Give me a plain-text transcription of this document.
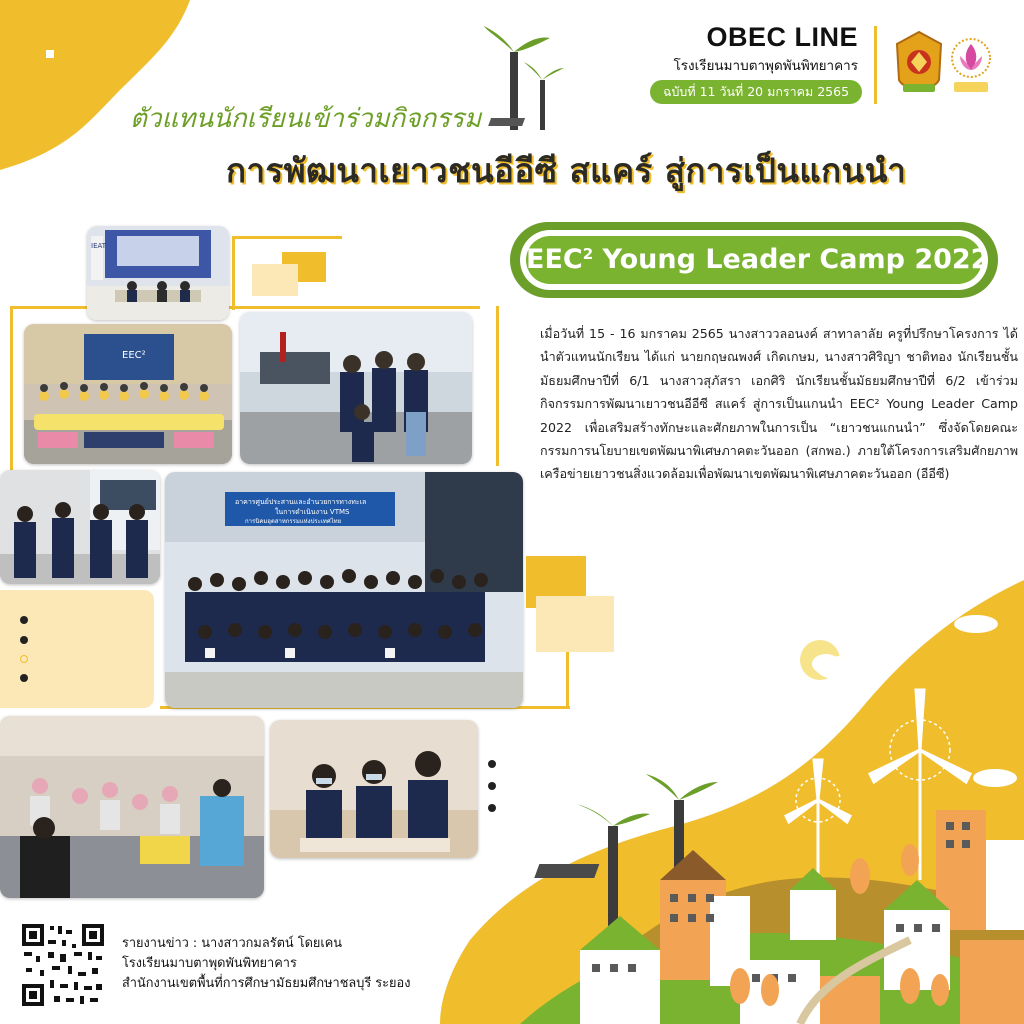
OBEC LINE
โรงเรียนมาบตาพุดพันพิทยาคาร
ฉบับที่ 11 วันที่ 20 มกราคม 2565
ตัวแทนนักเรียนเข้าร่วมกิจกรรม
การพัฒนาเยาวชนอีอีซี สแคร์ สู่การเป็นแกนนำ
EEC$^2$ Young Leader Camp 2022
เมื่อวันที่ 15 - 16 มกราคม 2565 นางสาววลอนงค์ สาทาลาลัย ครูที่ปรึกษาโครงการ ได้นำตัวแทนนักเรียน ได้แก่ นายกฤษณพงศ์ เกิดเกษม, นางสาวศิริญา ชาติทอง นักเรียนชั้นมัธยมศึกษาปีที่ 6/1 นางสาวสุภัสรา เอกศิริ นักเรียนชั้นมัธยมศึกษาปีที่ 6/2 เข้าร่วมกิจกรรมการพัฒนาเยาวชนอีอีซี สแคร์ สู่การเป็นแกนนำ EEC² Young Leader Camp 2022 เพื่อเสริมสร้างทักษะและศักยภาพในการเป็น “เยาวชนแกนนำ” ซึ่งจัดโดยคณะกรรมการนโยบายเขตพัฒนาพิเศษภาคตะวันออก (สกพอ.) ภายใต้โครงการเสริมศักยภาพเครือข่ายเยาวชนสิ่งแวดล้อมเพื่อพัฒนาเขตพัฒนาพิเศษภาคตะวันออก (อีอีซี)
IEAT
EEC²
อาคารศูนย์ประสานและอำนวยการทางทะเล
ในการดำเนินงาน VTMS
การนิคมอุตสาหกรรมแห่งประเทศไทย
รายงานข่าว : นางสาวกมลรัตน์ โดยเคน
โรงเรียนมาบตาพุดพันพิทยาคาร
สำนักงานเขตพื้นที่การศึกษามัธยมศึกษาชลบุรี ระยอง
